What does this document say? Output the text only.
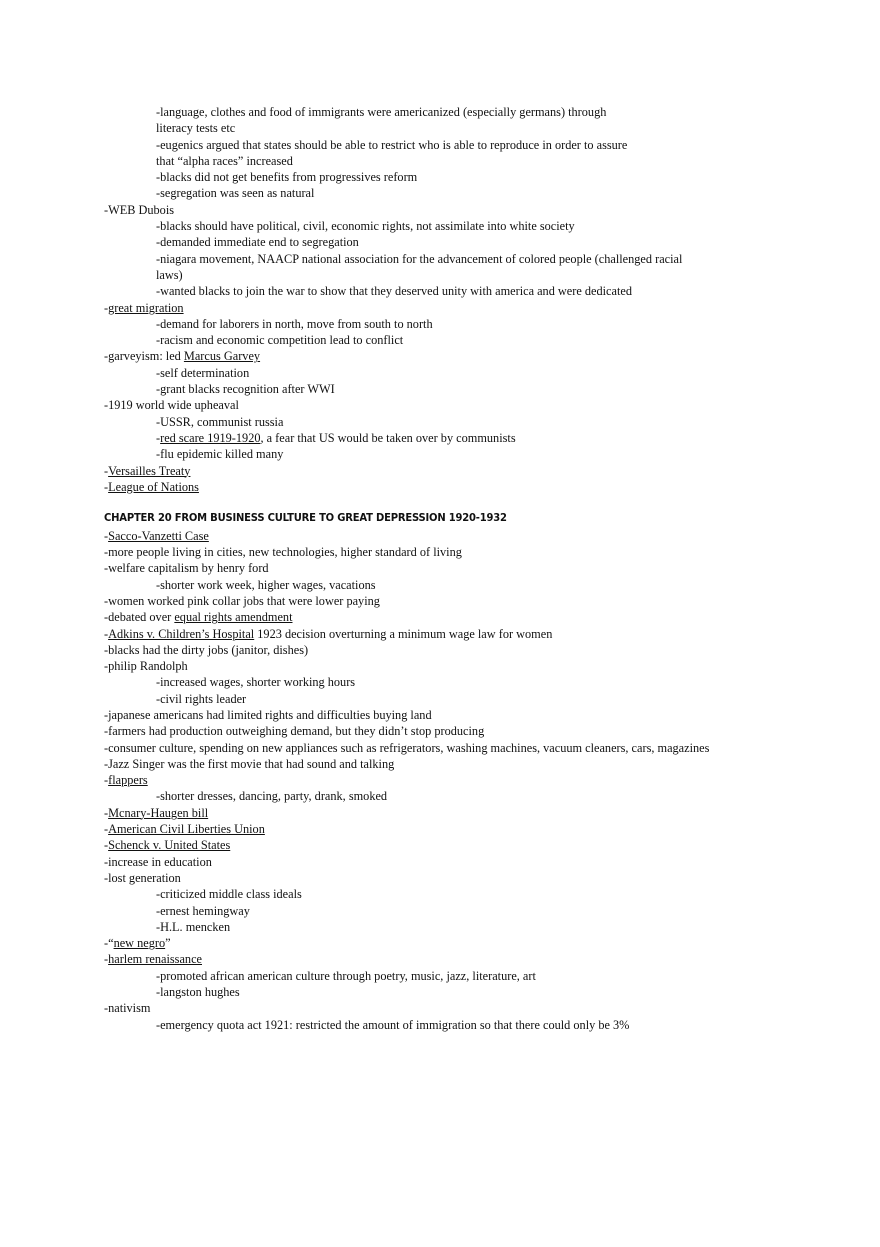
-language, clothes and food of immigrants were americanized (especially germans) through
literacy tests etc
-eugenics argued that states should be able to restrict who is able to reproduce in order to assure
that “alpha races” increased
-blacks did not get benefits from progressives reform
-segregation was seen as natural
-WEB Dubois
-blacks should have political, civil, economic rights, not assimilate into white society
-demanded immediate end to segregation
-niagara movement, NAACP national association for the advancement of colored people (challenged racial
laws)
-wanted blacks to join the war to show that they deserved unity with america and were dedicated
-great migration
-demand for laborers in north, move from south to north
-racism and economic competition lead to conflict
-garveyism: led Marcus Garvey
-self determination
-grant blacks recognition after WWI
-1919 world wide upheaval
-USSR, communist russia
-red scare 1919-1920, a fear that US would be taken over by communists
-flu epidemic killed many
-Versailles Treaty
-League of Nations
CHAPTER 20 FROM BUSINESS CULTURE TO GREAT DEPRESSION 1920-1932
-Sacco-Vanzetti Case
-more people living in cities, new technologies, higher standard of living
-welfare capitalism by henry ford
-shorter work week, higher wages, vacations
-women worked pink collar jobs that were lower paying
-debated over equal rights amendment
-Adkins v. Children’s Hospital 1923 decision overturning a minimum wage law for women
-blacks had the dirty jobs (janitor, dishes)
-philip Randolph
-increased wages, shorter working hours
-civil rights leader
-japanese americans had limited rights and difficulties buying land
-farmers had production outweighing demand, but they didn’t stop producing
-consumer culture, spending on new appliances such as refrigerators, washing machines, vacuum cleaners, cars, magazines
-Jazz Singer was the first movie that had sound and talking
-flappers
-shorter dresses, dancing, party, drank, smoked
-Mcnary-Haugen bill
-American Civil Liberties Union
-Schenck v. United States
-increase in education
-lost generation
-criticized middle class ideals
-ernest hemingway
-H.L. mencken
-“new negro”
-harlem renaissance
-promoted african american culture through poetry, music, jazz, literature, art
-langston hughes
-nativism
-emergency quota act 1921: restricted the amount of immigration so that there could only be 3%
